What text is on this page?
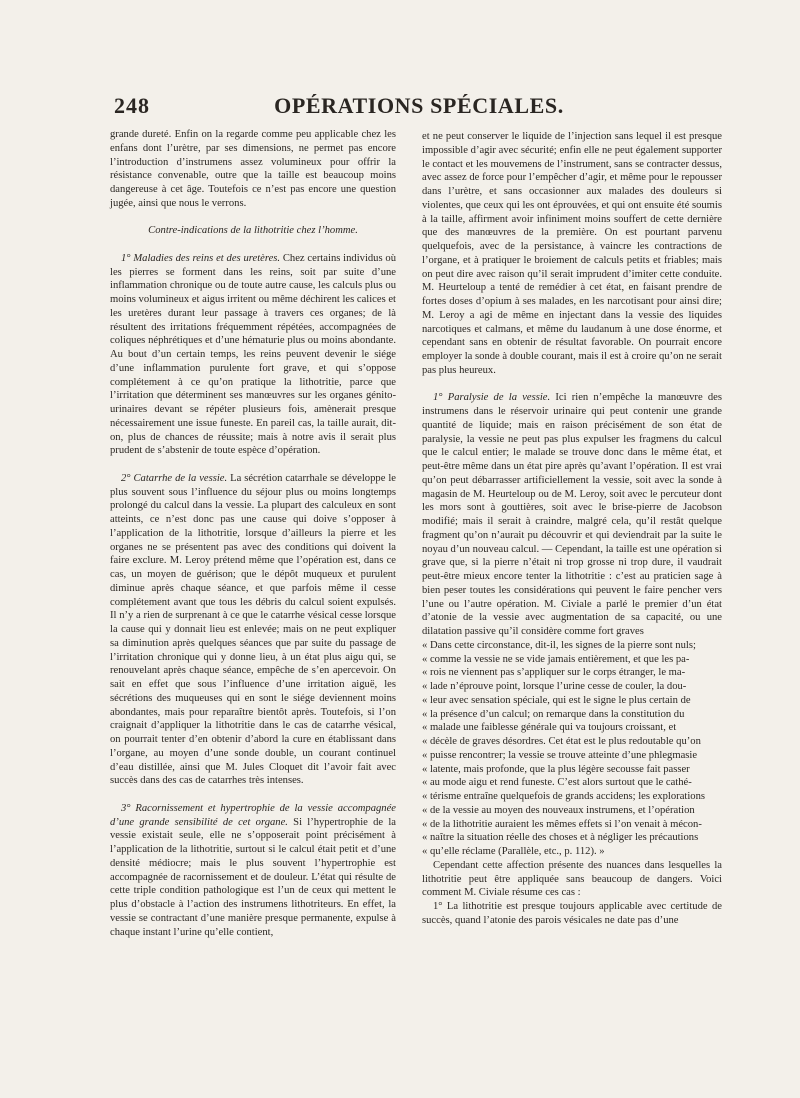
248	OPÉRATIONS SPÉCIALES.

grande dureté. Enfin on la regarde comme peu applicable chez les enfans dont l’urètre, par ses dimensions, ne permet pas encore l’introduction d’instrumens assez volumineux pour offrir la résistance convenable, outre que la taille est beaucoup moins dangereuse à cet âge. Toutefois ce n’est pas encore une question jugée, ainsi que nous le verrons.

Contre-indications de la lithotritie chez l’homme.

1° Maladies des reins et des uretères. Chez certains individus où les pierres se forment dans les reins, soit par suite d’une inflammation chronique ou de toute autre cause, les calculs plus ou moins volumineux et aigus irritent ou même déchirent les calices et les uretères durant leur passage à travers ces organes; de là résultent des irritations fréquemment répétées, accompagnées de coliques néphrétiques et d’une hématurie plus ou moins abondante. Au bout d’un certain temps, les reins peuvent devenir le siége d’une inflammation purulente fort grave, et qui s’oppose complétement à ce qu’on pratique la lithotritie, parce que l’irritation que déterminent ses manœuvres sur les organes génito-urinaires devant se répéter plusieurs fois, amènerait presque nécessairement une issue funeste. En pareil cas, la taille aurait, dit-on, plus de chances de réussite; mais à notre avis il serait plus prudent de s’abstenir de toute espèce d’opération.

2° Catarrhe de la vessie. La sécrétion catarrhale se développe le plus souvent sous l’influence du séjour plus ou moins longtemps prolongé du calcul dans la vessie. La plupart des calculeux en sont atteints, ce n’est donc pas une cause qui doive s’opposer à l’application de la lithotritie, lorsque d’ailleurs la pierre et les organes ne se présentent pas avec des conditions qui doivent la faire exclure. M. Leroy prétend même que l’opération est, dans ce cas, un moyen de guérison; que le dépôt muqueux et purulent diminue après chaque séance, et que parfois même il cesse complétement avant que tous les débris du calcul soient expulsés. Il n’y a rien de surprenant à ce que le catarrhe vésical cesse lorsque la cause qui y donnait lieu est enlevée; mais on ne peut expliquer sa diminution après quelques séances que par suite du passage de l’irritation chronique qui y donne lieu, à un état plus aigu qui, se renouvelant après chaque séance, empêche de s’en apercevoir. On sait en effet que sous l’influence d’une irritation aiguë, les sécrétions des muqueuses qui en sont le siége deviennent moins abondantes, mais pour reparaître bientôt après. Toutefois, si l’on craignait d’appliquer la lithotritie dans le cas de catarrhe vésical, on pourrait tenter d’en obtenir d’abord la cure en établissant dans l’organe, au moyen d’une sonde double, un courant continuel d’eau distillée, ainsi que M. Jules Cloquet dit l’avoir fait avec succès dans des cas de catarrhes très intenses.

3° Racornissement et hypertrophie de la vessie accompagnée d’une grande sensibilité de cet organe. Si l’hypertrophie de la vessie existait seule, elle ne s’opposerait point précisément à l’application de la lithotritie, surtout si le calcul était petit et d’une densité médiocre; mais le plus souvent l’hypertrophie est accompagnée de racornissement et de douleur. L’état qui résulte de cette triple condition pathologique est l’un de ceux qui mettent le plus d’obstacle à l’action des instrumens lithotriteurs. En effet, la vessie se contractant d’une manière presque permanente, expulse à chaque instant l’urine qu’elle contient,

et ne peut conserver le liquide de l’injection sans lequel il est presque impossible d’agir avec sécurité; enfin elle ne peut également supporter le contact et les mouvemens de l’instrument, sans se contracter dessus, avec assez de force pour l’empêcher d’agir, et même pour le repousser dans l’urètre, et sans occasionner aux malades des douleurs si violentes, que ceux qui les ont éprouvées, et qui ont ensuite été soumis à la taille, affirment avoir infiniment moins souffert de cette dernière que des manœuvres de la première. On est pourtant parvenu quelquefois, avec de la persistance, à vaincre les contractions de l’organe, et à pratiquer le broiement de calculs petits et friables; mais on peut dire avec raison qu’il serait imprudent d’imiter cette conduite. M. Heurteloup a tenté de remédier à cet état, en faisant prendre de fortes doses d’opium à ses malades, en les narcotisant pour ainsi dire; M. Leroy a agi de même en injectant dans la vessie des liquides narcotiques et calmans, et même du laudanum à une dose énorme, et cependant sans en obtenir de résultat favorable. On pourrait encore employer la sonde à double courant, mais il est à croire qu’on ne serait pas plus heureux.

1° Paralysie de la vessie. Ici rien n’empêche la manœuvre des instrumens dans le réservoir urinaire qui peut contenir une grande quantité de liquide; mais en raison précisément de son état de paralysie, la vessie ne peut pas plus expulser les fragmens du calcul que le calcul entier; le malade se trouve donc dans le même état, et peut-être même dans un état pire après qu’avant l’opération. Il est vrai qu’on peut débarrasser artificiellement la vessie, soit avec la sonde à magasin de M. Heurteloup ou de M. Leroy, soit avec le percuteur dont les mors sont à gouttières, soit avec le brise-pierre de Jacobson modifié; mais il serait à craindre, malgré cela, qu’il restât quelque fragment qu’on n’aurait pu découvrir et qui deviendrait par la suite le noyau d’un nouveau calcul. — Cependant, la taille est une opération si grave que, si la pierre n’était ni trop grosse ni trop dure, il vaudrait peut-être mieux encore tenter la lithotritie : c’est au praticien sage à bien peser toutes les considérations qui peuvent le faire pencher vers l’une ou l’autre opération. M. Civiale a parlé le premier d’un état d’atonie de la vessie avec augmentation de sa capacité, ou une dilatation passive qu’il considère comme fort graves

« Dans cette circonstance, dit-il, les signes de la pierre sont nuls;

« comme la vessie ne se vide jamais entièrement, et que les pa-

« rois ne viennent pas s’appliquer sur le corps étranger, le ma-

« lade n’éprouve point, lorsque l’urine cesse de couler, la dou-

« leur avec sensation spéciale, qui est le signe le plus certain de

« la présence d’un calcul; on remarque dans la constitution du

« malade une faiblesse générale qui va toujours croissant, et

« décèle de graves désordres. Cet état est le plus redoutable qu’on

« puisse rencontrer; la vessie se trouve atteinte d’une phlegmasie

« latente, mais profonde, que la plus légère secousse fait passer

« au mode aigu et rend funeste. C’est alors surtout que le cathé-

« térisme entraîne quelquefois de grands accidens; les explorations

« de la vessie au moyen des nouveaux instrumens, et l’opération

« de la lithotritie auraient les mêmes effets si l’on venait à mécon-

« naître la situation réelle des choses et à négliger les précautions

« qu’elle réclame (Parallèle, etc., p. 112). »

Cependant cette affection présente des nuances dans lesquelles la lithotritie peut être appliquée sans beaucoup de dangers. Voici comment M. Civiale résume ces cas :

1° La lithotritie est presque toujours applicable avec certitude de succès, quand l’atonie des parois vésicales ne date pas d’une
